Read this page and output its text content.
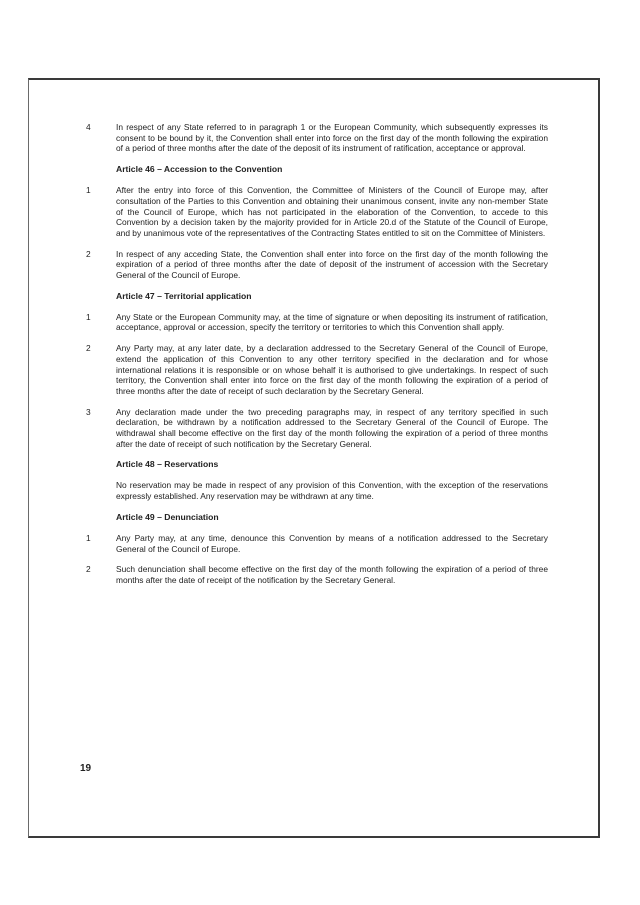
4	In respect of any State referred to in paragraph 1 or the European Community, which subsequently expresses its consent to be bound by it, the Convention shall enter into force on the first day of the month following the expiration of a period of three months after the date of the deposit of its instrument of ratification, acceptance or approval.

Article 46 – Accession to the Convention

1	After the entry into force of this Convention, the Committee of Ministers of the Council of Europe may, after consultation of the Parties to this Convention and obtaining their unanimous consent, invite any non-member State of the Council of Europe, which has not participated in the elaboration of the Convention, to accede to this Convention by a decision taken by the majority provided for in Article 20.d of the Statute of the Council of Europe, and by unanimous vote of the representatives of the Contracting States entitled to sit on the Committee of Ministers.

2	In respect of any acceding State, the Convention shall enter into force on the first day of the month following the expiration of a period of three months after the date of deposit of the instrument of accession with the Secretary General of the Council of Europe.

Article 47 – Territorial application

1	Any State or the European Community may, at the time of signature or when depositing its instrument of ratification, acceptance, approval or accession, specify the territory or territories to which this Convention shall apply.

2	Any Party may, at any later date, by a declaration addressed to the Secretary General of the Council of Europe, extend the application of this Convention to any other territory specified in the declaration and for whose international relations it is responsible or on whose behalf it is authorised to give undertakings. In respect of such territory, the Convention shall enter into force on the first day of the month following the expiration of a period of three months after the date of receipt of such declaration by the Secretary General.

3	Any declaration made under the two preceding paragraphs may, in respect of any territory specified in such declaration, be withdrawn by a notification addressed to the Secretary General of the Council of Europe. The withdrawal shall become effective on the first day of the month following the expiration of a period of three months after the date of receipt of such notification by the Secretary General.

Article 48 – Reservations

No reservation may be made in respect of any provision of this Convention, with the exception of the reservations expressly established. Any reservation may be withdrawn at any time.

Article 49 – Denunciation

1	Any Party may, at any time, denounce this Convention by means of a notification addressed to the Secretary General of the Council of Europe.

2	Such denunciation shall become effective on the first day of the month following the expiration of a period of three months after the date of receipt of the notification by the Secretary General.

19
